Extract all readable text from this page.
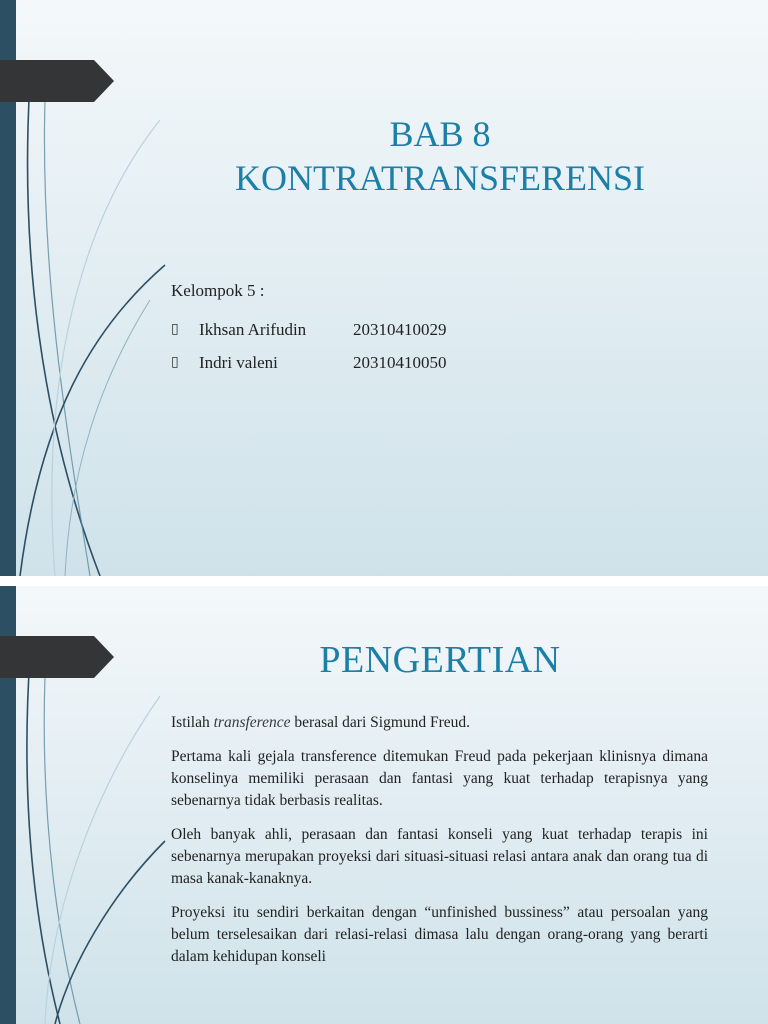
BAB 8
KONTRATRANSFERENSI
Kelompok 5 :
▯	Ikhsan Arifudin	20310410029
▯	Indri valeni	20310410050
PENGERTIAN

Istilah transference berasal dari Sigmund Freud.

Pertama kali gejala transference ditemukan Freud pada pekerjaan klinisnya dimana konselinya memiliki perasaan dan fantasi yang kuat terhadap terapisnya yang sebenarnya tidak berbasis realitas.

Oleh banyak ahli, perasaan dan fantasi konseli yang kuat terhadap terapis ini sebenarnya merupakan proyeksi dari situasi-situasi relasi antara anak dan orang tua di masa kanak-kanaknya.

Proyeksi itu sendiri berkaitan dengan “unfinished bussiness” atau persoalan yang belum terselesaikan dari relasi-relasi dimasa lalu dengan orang-orang yang berarti dalam kehidupan konseli
